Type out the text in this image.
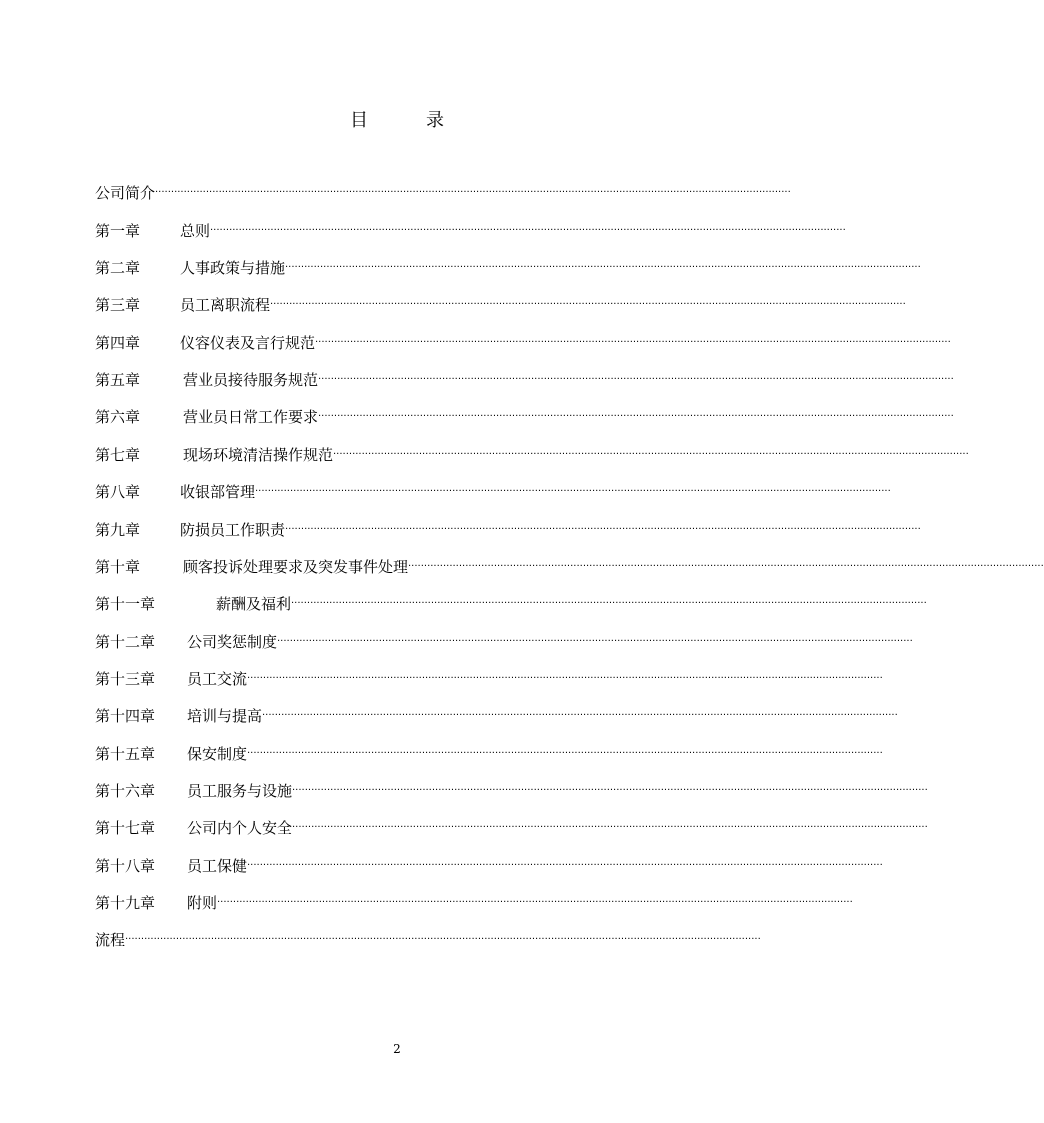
目	录
公司简介 ········································································································································································································
第一章	总则 ········································································································································································································
第二章	人事政策与措施 ········································································································································································································
第三章	员工离职流程 ········································································································································································································
第四章	仪容仪表及言行规范 ········································································································································································································
第五章	营业员接待服务规范 ········································································································································································································
第六章	营业员日常工作要求 ········································································································································································································
第七章	现场环境清洁操作规范 ········································································································································································································
第八章	收银部管理 ········································································································································································································
第九章	防损员工作职责 ········································································································································································································
第十章	顾客投诉处理要求及突发事件处理 ········································································································································································································
第十一章	薪酬及福利 ········································································································································································································
第十二章 公司奖惩制度 ········································································································································································································
第十三章 员工交流 ········································································································································································································
第十四章 培训与提高 ········································································································································································································
第十五章 保安制度 ········································································································································································································
第十六章 员工服务与设施 ········································································································································································································
第十七章 公司内个人安全 ········································································································································································································
第十八章 员工保健 ········································································································································································································
第十九章 附则 ········································································································································································································
流程 ········································································································································································································
2
